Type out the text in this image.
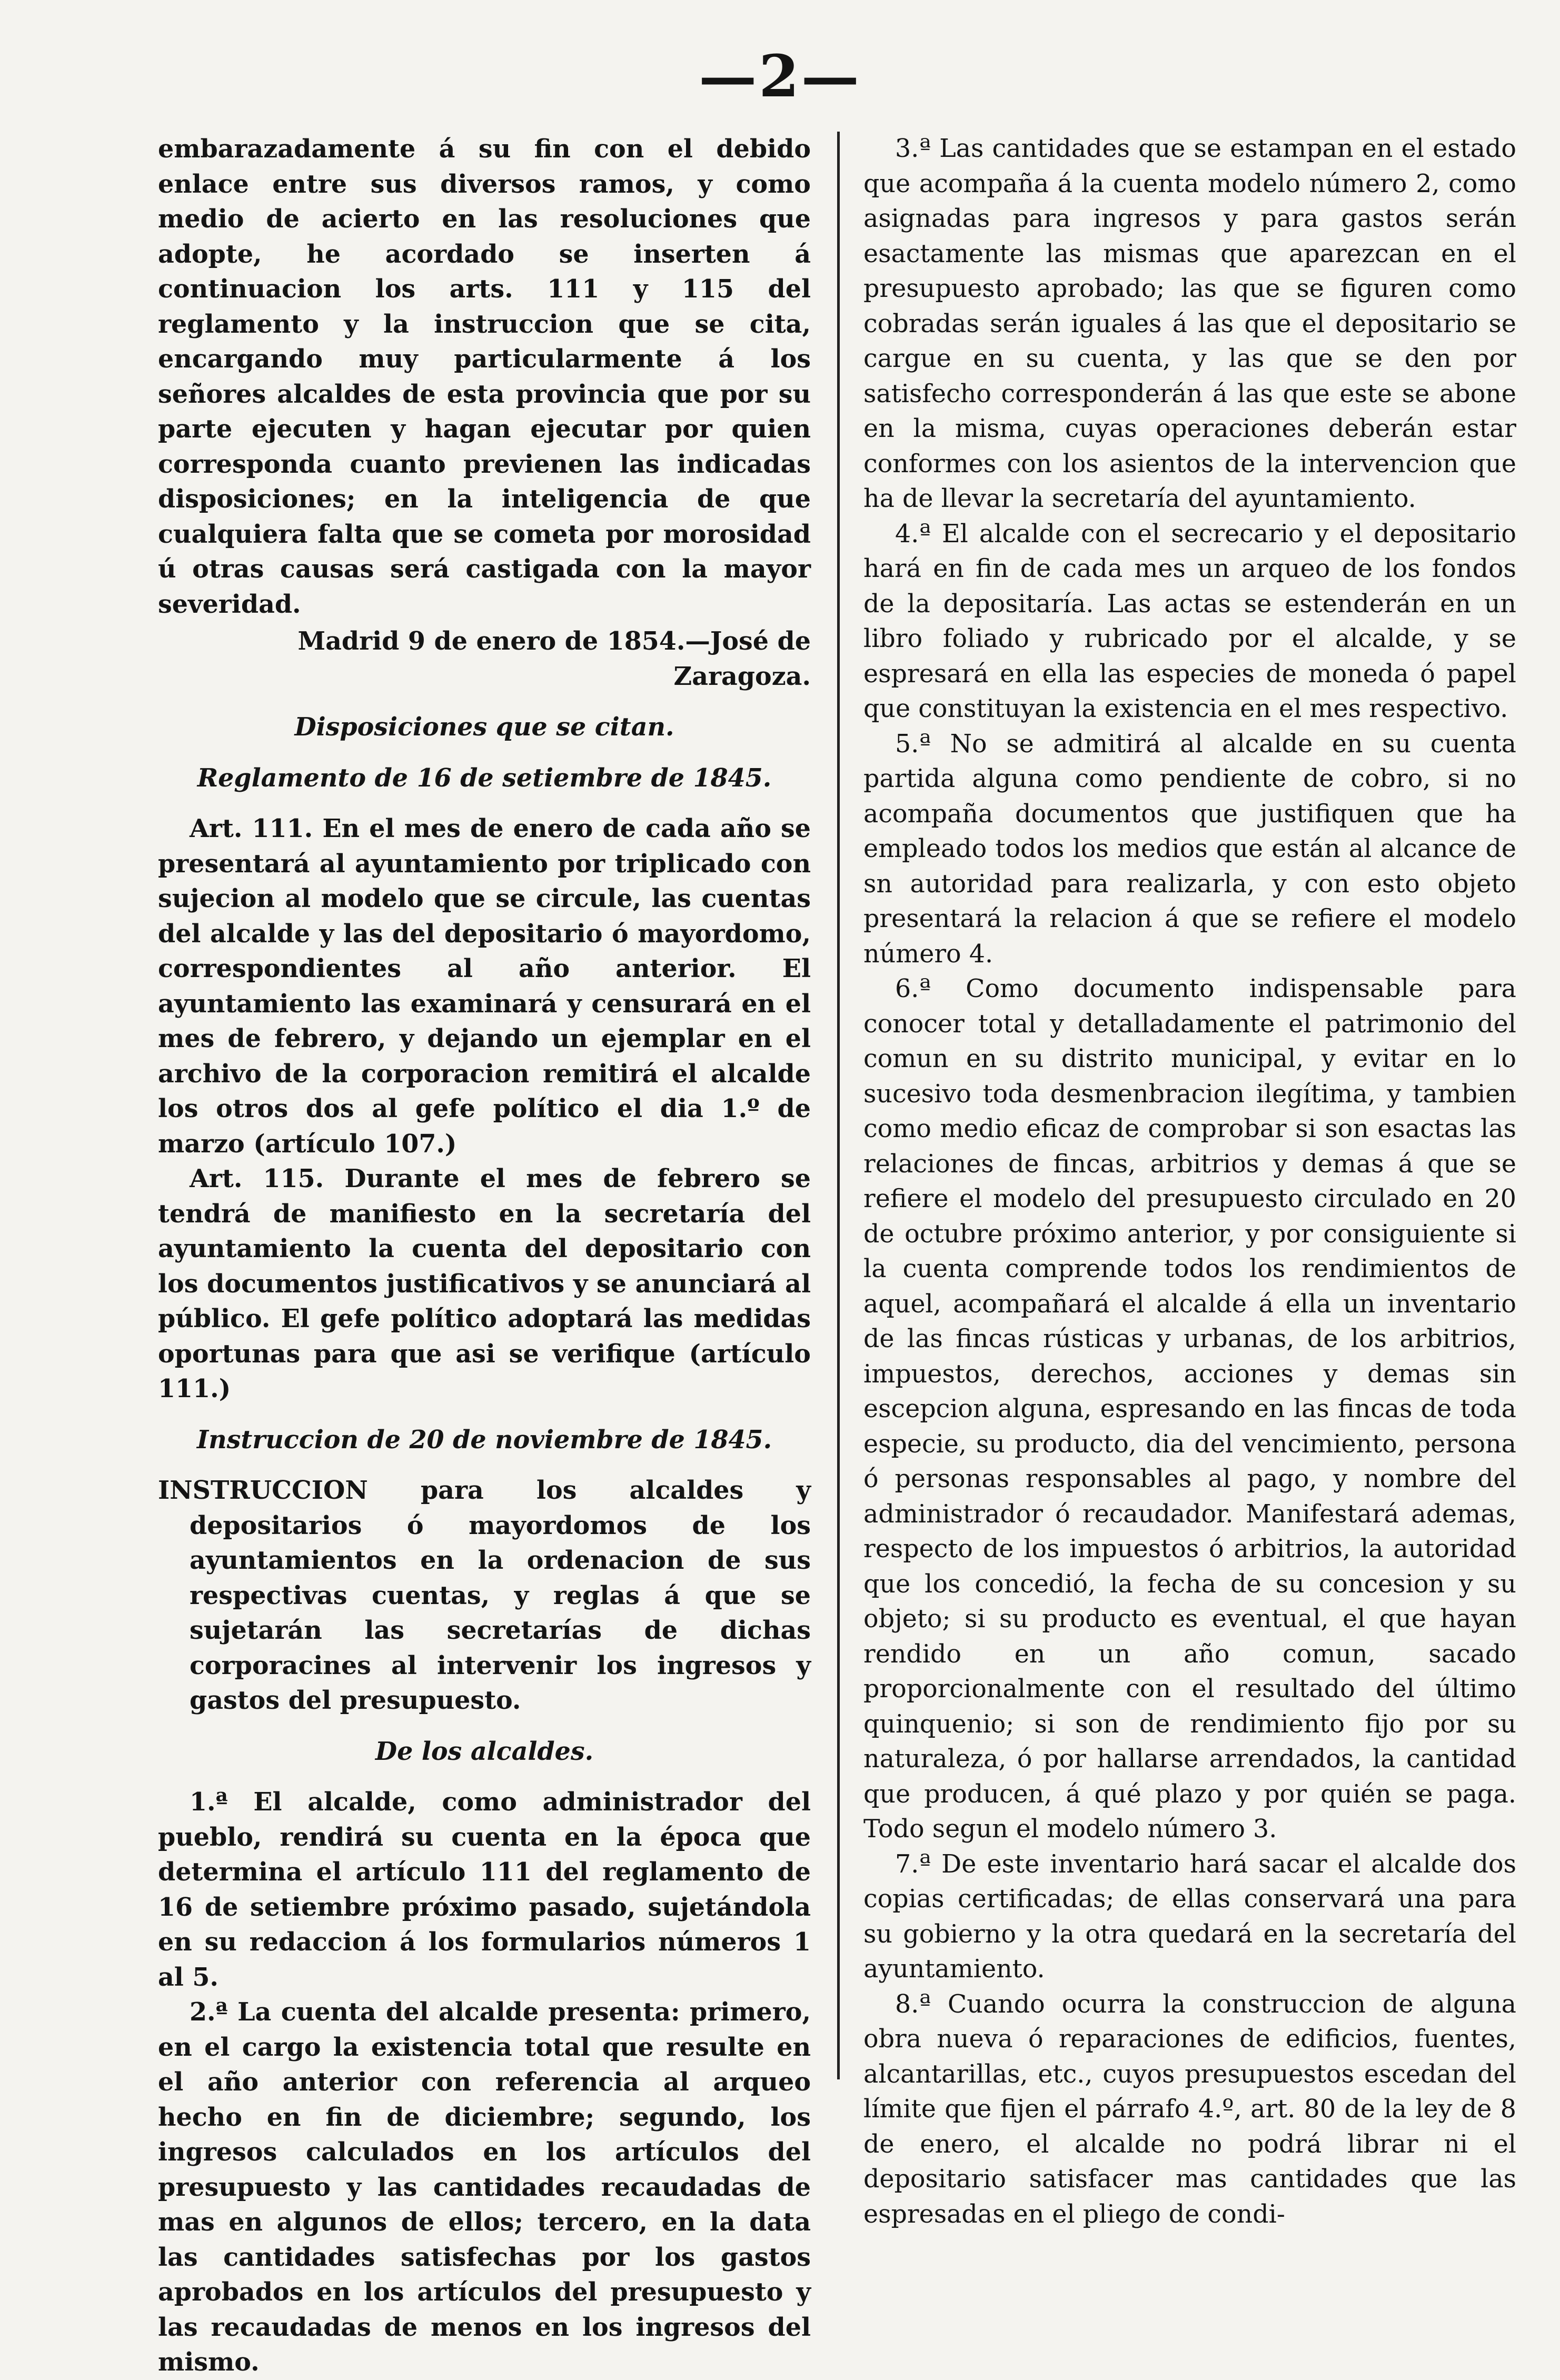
—2—

embarazadamente á su fin con el debido enlace entre sus diversos ramos, y como medio de acierto en las resoluciones que adopte, he acordado se inserten á continuacion los arts. 111 y 115 del reglamento y la instruccion que se cita, encargando muy particularmente á los señores alcaldes de esta provincia que por su parte ejecuten y hagan ejecutar por quien corresponda cuanto previenen las indicadas disposiciones; en la inteligencia de que cualquiera falta que se cometa por morosidad ú otras causas será castigada con la mayor severidad.

Madrid 9 de enero de 1854.—José de Zaragoza.

Disposiciones que se citan.

Reglamento de 16 de setiembre de 1845.

Art. 111. En el mes de enero de cada año se presentará al ayuntamiento por triplicado con sujecion al modelo que se circule, las cuentas del alcalde y las del depositario ó mayordomo, correspondientes al año anterior. El ayuntamiento las examinará y censurará en el mes de febrero, y dejando un ejemplar en el archivo de la corporacion remitirá el alcalde los otros dos al gefe político el dia 1.º de marzo (artículo 107.)

Art. 115. Durante el mes de febrero se tendrá de manifiesto en la secretaría del ayuntamiento la cuenta del depositario con los documentos justificativos y se anunciará al público. El gefe político adoptará las medidas oportunas para que asi se verifique (artículo 111.)

Instruccion de 20 de noviembre de 1845.

INSTRUCCION para los alcaldes y depositarios ó mayordomos de los ayuntamientos en la ordenacion de sus respectivas cuentas, y reglas á que se sujetarán las secretarías de dichas corporacines al intervenir los ingresos y gastos del presupuesto.

De los alcaldes.

1.ª El alcalde, como administrador del pueblo, rendirá su cuenta en la época que determina el artículo 111 del reglamento de 16 de setiembre próximo pasado, sujetándola en su redaccion á los formularios números 1 al 5.

2.ª La cuenta del alcalde presenta: primero, en el cargo la existencia total que resulte en el año anterior con referencia al arqueo hecho en fin de diciembre; segundo, los ingresos calculados en los artículos del presupuesto y las cantidades recaudadas de mas en algunos de ellos; tercero, en la data las cantidades satisfechas por los gastos aprobados en los artículos del presupuesto y las recaudadas de menos en los ingresos del mismo.

3.ª Las cantidades que se estampan en el estado que acompaña á la cuenta modelo número 2, como asignadas para ingresos y para gastos serán esactamente las mismas que aparezcan en el presupuesto aprobado; las que se figuren como cobradas serán iguales á las que el depositario se cargue en su cuenta, y las que se den por satisfecho corresponderán á las que este se abone en la misma, cuyas operaciones deberán estar conformes con los asientos de la intervencion que ha de llevar la secretaría del ayuntamiento.

4.ª El alcalde con el secrecario y el depositario hará en fin de cada mes un arqueo de los fondos de la depositaría. Las actas se estenderán en un libro foliado y rubricado por el alcalde, y se espresará en ella las especies de moneda ó papel que constituyan la existencia en el mes respectivo.

5.ª No se admitirá al alcalde en su cuenta partida alguna como pendiente de cobro, si no acompaña documentos que justifiquen que ha empleado todos los medios que están al alcance de sn autoridad para realizarla, y con esto objeto presentará la relacion á que se refiere el modelo número 4.

6.ª Como documento indispensable para conocer total y detalladamente el patrimonio del comun en su distrito municipal, y evitar en lo sucesivo toda desmenbracion ilegítima, y tambien como medio eficaz de comprobar si son esactas las relaciones de fincas, arbitrios y demas á que se refiere el modelo del presupuesto circulado en 20 de octubre próximo anterior, y por consiguiente si la cuenta comprende todos los rendimientos de aquel, acompañará el alcalde á ella un inventario de las fincas rústicas y urbanas, de los arbitrios, impuestos, derechos, acciones y demas sin escepcion alguna, espresando en las fincas de toda especie, su producto, dia del vencimiento, persona ó personas responsables al pago, y nombre del administrador ó recaudador. Manifestará ademas, respecto de los impuestos ó arbitrios, la autoridad que los concedió, la fecha de su concesion y su objeto; si su producto es eventual, el que hayan rendido en un año comun, sacado proporcionalmente con el resultado del último quinquenio; si son de rendimiento fijo por su naturaleza, ó por hallarse arrendados, la cantidad que producen, á qué plazo y por quién se paga. Todo segun el modelo número 3.

7.ª De este inventario hará sacar el alcalde dos copias certificadas; de ellas conservará una para su gobierno y la otra quedará en la secretaría del ayuntamiento.

8.ª Cuando ocurra la construccion de alguna obra nueva ó reparaciones de edificios, fuentes, alcantarillas, etc., cuyos presupuestos escedan del límite que fijen el párrafo 4.º, art. 80 de la ley de 8 de enero, el alcalde no podrá librar ni el depositario satisfacer mas cantidades que las espresadas en el pliego de condi-
